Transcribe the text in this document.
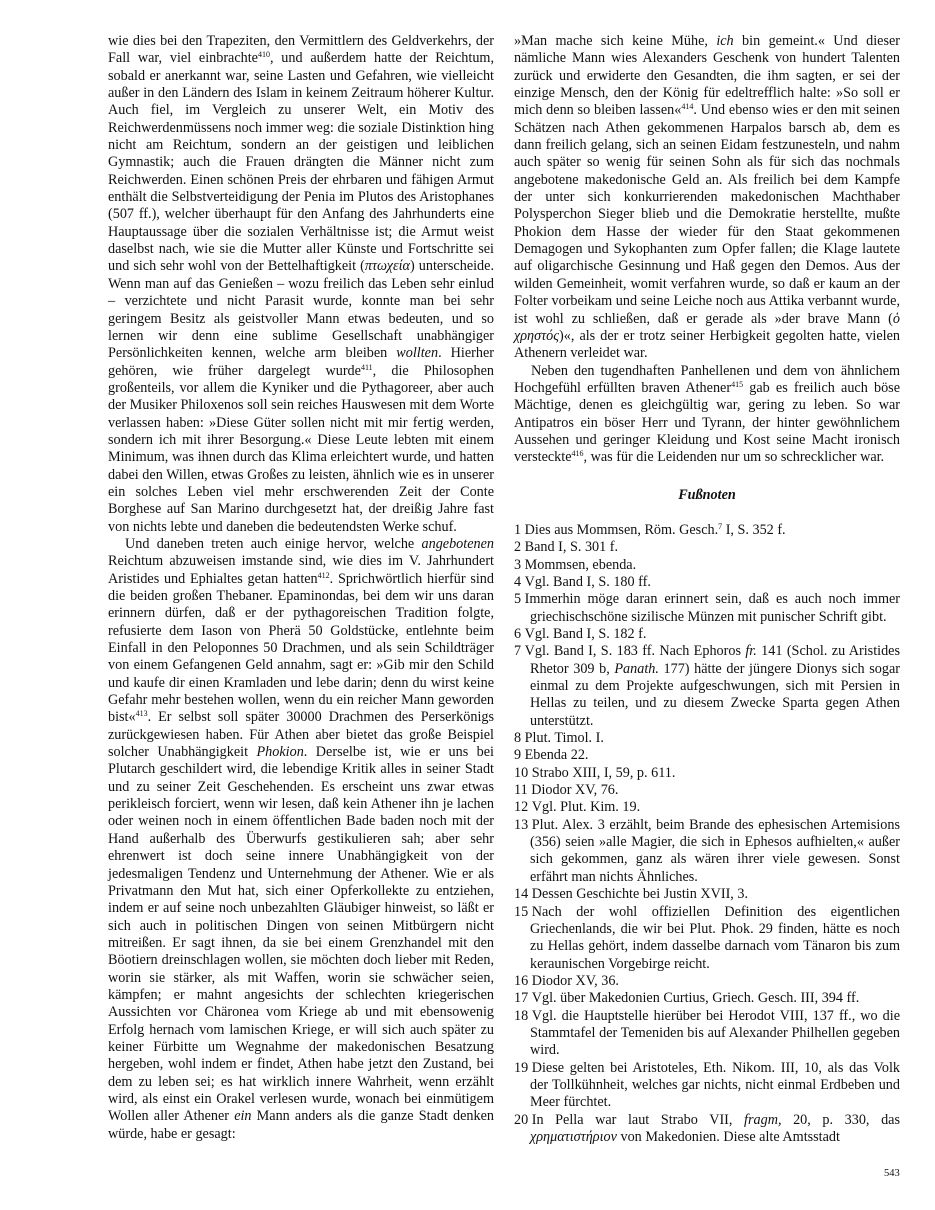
wie dies bei den Trapeziten, den Vermittlern des Geldverkehrs, der Fall war, viel einbrachte$^{410}$, und außerdem hatte der Reichtum, sobald er anerkannt war, seine Lasten und Gefahren, wie vielleicht außer in den Ländern des Islam in keinem Zeitraum höherer Kultur. Auch fiel, im Vergleich zu unserer Welt, ein Motiv des Reichwerdenmüssens noch immer weg: die soziale Distinktion hing nicht am Reichtum, sondern an der geistigen und leiblichen Gymnastik; auch die Frauen drängten die Männer nicht zum Reichwerden. Einen schönen Preis der ehrbaren und fähigen Armut enthält die Selbstverteidigung der Penia im Plutos des Aristophanes (507 ff.), welcher überhaupt für den Anfang des Jahrhunderts eine Hauptaussage über die sozialen Verhältnisse ist; die Armut weist daselbst nach, wie sie die Mutter aller Künste und Fortschritte sei und sich sehr wohl von der Bettelhaftigkeit (πτωχεία) unterscheide. Wenn man auf das Genießen – wozu freilich das Leben sehr einlud – verzichtete und nicht Parasit wurde, konnte man bei sehr geringem Besitz als geistvoller Mann etwas bedeuten, und so lernen wir denn eine sublime Gesellschaft unabhängiger Persönlichkeiten kennen, welche arm bleiben wollten. Hierher gehören, wie früher dargelegt wurde$^{411}$, die Philosophen großenteils, vor allem die Kyniker und die Pythagoreer, aber auch der Musiker Philoxenos soll sein reiches Hauswesen mit dem Worte verlassen haben: »Diese Güter sollen nicht mit mir fertig werden, sondern ich mit ihrer Besorgung.« Diese Leute lebten mit einem Minimum, was ihnen durch das Klima erleichtert wurde, und hatten dabei den Willen, etwas Großes zu leisten, ähnlich wie es in unserer ein solches Leben viel mehr erschwerenden Zeit der Conte Borghese auf San Marino durchgesetzt hat, der dreißig Jahre fast von nichts lebte und daneben die bedeutendsten Werke schuf.

Und daneben treten auch einige hervor, welche angebotenen Reichtum abzuweisen imstande sind, wie dies im V. Jahrhundert Aristides und Ephialtes getan hatten$^{412}$. Sprichwörtlich hierfür sind die beiden großen Thebaner. Epaminondas, bei dem wir uns daran erinnern dürfen, daß er der pythagoreischen Tradition folgte, refusierte dem Iason von Pherä 50 Goldstücke, entlehnte beim Einfall in den Peloponnes 50 Drachmen, und als sein Schildträger von einem Gefangenen Geld annahm, sagt er: »Gib mir den Schild und kaufe dir einen Kramladen und lebe darin; denn du wirst keine Gefahr mehr bestehen wollen, wenn du ein reicher Mann geworden bist«$^{413}$. Er selbst soll später 30000 Drachmen des Perserkönigs zurückgewiesen haben. Für Athen aber bietet das große Beispiel solcher Unabhängigkeit Phokion. Derselbe ist, wie er uns bei Plutarch geschildert wird, die lebendige Kritik alles in seiner Stadt und zu seiner Zeit Geschehenden. Es erscheint uns zwar etwas perikleisch forciert, wenn wir lesen, daß kein Athener ihn je lachen oder weinen noch in einem öffentlichen Bade baden noch mit der Hand außerhalb des Überwurfs gestikulieren sah; aber sehr ehrenwert ist doch seine innere Unabhängigkeit von der jedesmaligen Tendenz und Unternehmung der Athener. Wie er als Privatmann den Mut hat, sich einer Opferkollekte zu entziehen, indem er auf seine noch unbezahlten Gläubiger hinweist, so läßt er sich auch in politischen Dingen von seinen Mitbürgern nicht mitreißen. Er sagt ihnen, da sie bei einem Grenzhandel mit den Böotiern dreinschlagen wollen, sie möchten doch lieber mit Reden, worin sie stärker, als mit Waffen, worin sie schwächer seien, kämpfen; er mahnt angesichts der schlechten kriegerischen Aussichten vor Chäronea vom Kriege ab und mit ebensowenig Erfolg hernach vom lamischen Kriege, er will sich auch später zu keiner Fürbitte um Wegnahme der makedonischen Besatzung hergeben, wohl indem er findet, Athen habe jetzt den Zustand, bei dem zu leben sei; es hat wirklich innere Wahrheit, wenn erzählt wird, als einst ein Orakel verlesen wurde, wonach bei einmütigem Wollen aller Athener ein Mann anders als die ganze Stadt denken würde, habe er gesagt:

»Man mache sich keine Mühe, ich bin gemeint.« Und dieser nämliche Mann wies Alexanders Geschenk von hundert Talenten zurück und erwiderte den Gesandten, die ihm sagten, er sei der einzige Mensch, den der König für edeltrefflich halte: »So soll er mich denn so bleiben lassen«$^{414}$. Und ebenso wies er den mit seinen Schätzen nach Athen gekommenen Harpalos barsch ab, dem es dann freilich gelang, sich an seinen Eidam festzunesteln, und nahm auch später so wenig für seinen Sohn als für sich das nochmals angebotene makedonische Geld an. Als freilich bei dem Kampfe der unter sich konkurrierenden makedonischen Machthaber Polysperchon Sieger blieb und die Demokratie herstellte, mußte Phokion dem Hasse der wieder für den Staat gekommenen Demagogen und Sykophanten zum Opfer fallen; die Klage lautete auf oligarchische Gesinnung und Haß gegen den Demos. Aus der wilden Gemeinheit, womit verfahren wurde, so daß er kaum an der Folter vorbeikam und seine Leiche noch aus Attika verbannt wurde, ist wohl zu schließen, daß er gerade als »der brave Mann (ὁ χρηστός)«, als der er trotz seiner Herbigkeit gegolten hatte, vielen Athenern verleidet war.

Neben den tugendhaften Panhellenen und dem von ähnlichem Hochgefühl erfüllten braven Athener$^{415}$ gab es freilich auch böse Mächtige, denen es gleichgültig war, gering zu leben. So war Antipatros ein böser Herr und Tyrann, der hinter gewöhnlichem Aussehen und geringer Kleidung und Kost seine Macht ironisch versteckte$^{416}$, was für die Leidenden nur um so schrecklicher war.

Fußnoten

1 Dies aus Mommsen, Röm. Gesch.$^7$ I, S. 352 f.

2 Band I, S. 301 f.

3 Mommsen, ebenda.

4 Vgl. Band I, S. 180 ff.

5 Immerhin möge daran erinnert sein, daß es auch noch immer griechischschöne sizilische Münzen mit punischer Schrift gibt.

6 Vgl. Band I, S. 182 f.

7 Vgl. Band I, S. 183 ff. Nach Ephoros fr. 141 (Schol. zu Aristides Rhetor 309 b, Panath. 177) hätte der jüngere Dionys sich sogar einmal zu dem Projekte aufgeschwungen, sich mit Persien in Hellas zu teilen, und zu diesem Zwecke Sparta gegen Athen unterstützt.

8 Plut. Timol. I.

9 Ebenda 22.

10 Strabo XIII, I, 59, p. 611.

11 Diodor XV, 76.

12 Vgl. Plut. Kim. 19.

13 Plut. Alex. 3 erzählt, beim Brande des ephesischen Artemisions (356) seien »alle Magier, die sich in Ephesos aufhielten,« außer sich gekommen, ganz als wären ihrer viele gewesen. Sonst erfährt man nichts Ähnliches.

14 Dessen Geschichte bei Justin XVII, 3.

15 Nach der wohl offiziellen Definition des eigentlichen Griechenlands, die wir bei Plut. Phok. 29 finden, hätte es noch zu Hellas gehört, indem dasselbe darnach vom Tänaron bis zum keraunischen Vorgebirge reicht.

16 Diodor XV, 36.

17 Vgl. über Makedonien Curtius, Griech. Gesch. III, 394 ff.

18 Vgl. die Hauptstelle hierüber bei Herodot VIII, 137 ff., wo die Stammtafel der Temeniden bis auf Alexander Philhellen gegeben wird.

19 Diese gelten bei Aristoteles, Eth. Nikom. III, 10, als das Volk der Tollkühnheit, welches gar nichts, nicht einmal Erdbeben und Meer fürchtet.

20 In Pella war laut Strabo VII, fragm, 20, p. 330, das χρηματιστήριον von Makedonien. Diese alte Amtsstadt

543
